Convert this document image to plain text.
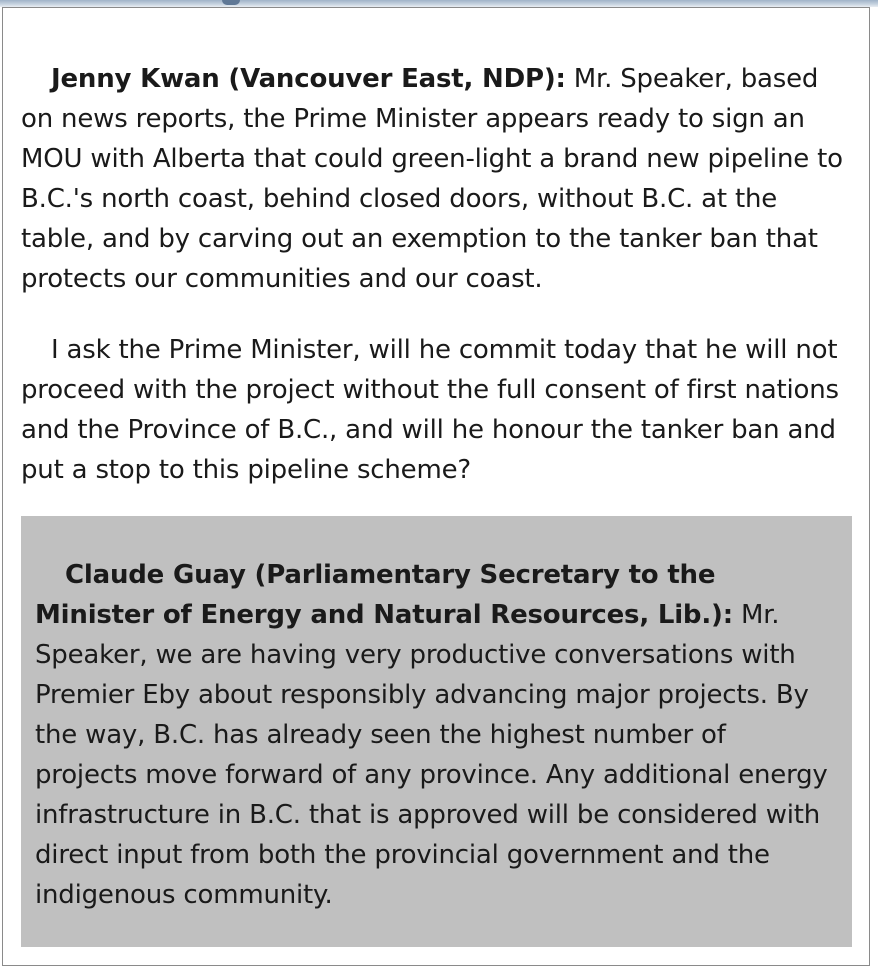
Jenny Kwan (Vancouver East, NDP): Mr. Speaker, based on news reports, the Prime Minister appears ready to sign an MOU with Alberta that could green-light a brand new pipeline to B.C.'s north coast, behind closed doors, without B.C. at the table, and by carving out an exemption to the tanker ban that protects our communities and our coast.

I ask the Prime Minister, will he commit today that he will not proceed with the project without the full consent of first nations and the Province of B.C., and will he honour the tanker ban and put a stop to this pipeline scheme?

Claude Guay (Parliamentary Secretary to the Minister of Energy and Natural Resources, Lib.): Mr. Speaker, we are having very productive conversations with Premier Eby about responsibly advancing major projects. By the way, B.C. has already seen the highest number of projects move forward of any province. Any additional energy infrastructure in B.C. that is approved will be considered with direct input from both the provincial government and the indigenous community.
